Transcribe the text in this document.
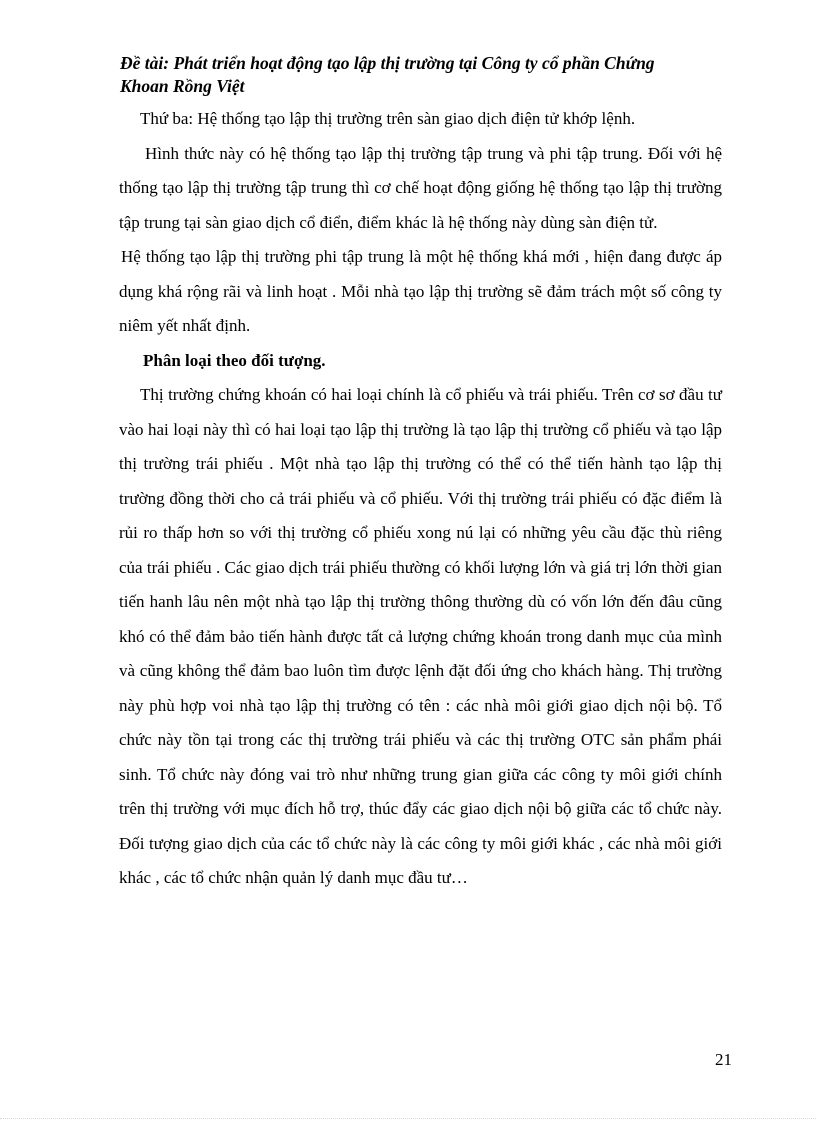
Đề tài: Phát triển hoạt động tạo lập thị trường tại Công ty cổ phần Chứng
Khoan Rồng Việt

Thứ ba: Hệ thống tạo lập thị trường trên sàn giao dịch điện tử khớp lệnh.

Hình thức này có hệ thống tạo lập thị trường tập trung và phi tập trung. Đối với hệ thống tạo lập thị trường tập trung thì cơ chế hoạt động giống hệ thống tạo lập thị trường tập trung tại sàn giao dịch cổ điển, điểm khác là hệ thống này dùng sàn điện tử.

Hệ thống tạo lập thị trường phi tập trung là một hệ thống khá mới , hiện đang được áp dụng khá rộng rãi và linh hoạt . Mỗi nhà tạo lập thị trường sẽ đảm trách một số công ty niêm yết nhất định.

Phân loại theo đối tượng.

Thị trường chứng khoán có hai loại chính là cổ phiếu và trái phiếu. Trên cơ sơ đầu tư vào hai loại này thì có hai loại tạo lập thị trường là tạo lập thị trường cổ phiếu và tạo lập thị trường trái phiếu . Một nhà tạo lập thị trường có thể có thể tiến hành tạo lập thị trường đồng thời cho cả trái phiếu và cổ phiếu. Với thị trường trái phiếu có đặc điểm là rủi ro thấp hơn so với thị trường cổ phiếu xong nú lại có những yêu cầu đặc thù riêng của trái phiếu . Các giao dịch trái phiếu thường có khối lượng lớn và giá trị lớn thời gian tiến hanh lâu nên một nhà tạo lập thị trường thông thường dù có vốn lớn đến đâu cũng khó có thể đảm bảo tiến hành được tất cả lượng chứng khoán trong danh mục của mình và cũng không thể đảm bao luôn tìm được lệnh đặt đối ứng cho khách hàng. Thị trường này phù hợp voi nhà tạo lập thị trường có tên : các nhà môi giới giao dịch nội bộ. Tổ chức này tồn tại trong các thị trường trái phiếu và các thị trường OTC sản phẩm phái sinh. Tổ chức này đóng vai trò như những trung gian giữa các công ty môi giới chính trên thị trường với mục đích hỗ trợ, thúc đẩy các giao dịch nội bộ giữa các tổ chức này. Đối tượng giao dịch của các tổ chức này là các công ty môi giới khác , các nhà môi giới khác , các tổ chức nhận quản lý danh mục đầu tư…

21
